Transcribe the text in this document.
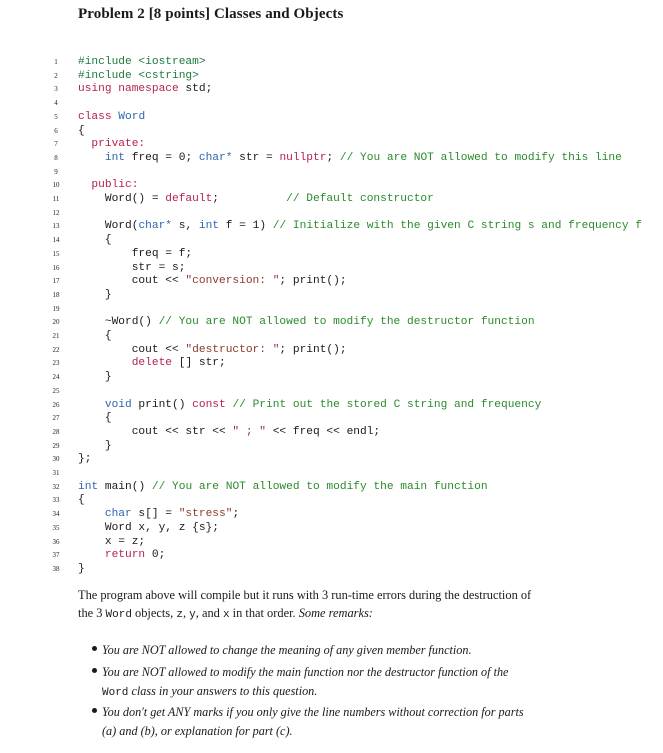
Problem 2 [8 points] Classes and Objects
1	#include <iostream>
2	#include <cstring>
3	using namespace std;
4
5	class Word
6	{
7	private:
8	int freq = 0; char* str = nullptr; // You are NOT allowed to modify this line
9
10 public:
11 Word() = default;          // Default constructor
12
13 Word(char* s, int f = 1) // Initialize with the given C string s and frequency f
14 {
15 freq = f;
16 str = s;
17 cout << "conversion: "; print();
18 }
19
20 ~Word() // You are NOT allowed to modify the destructor function
21 {
22 cout << "destructor: "; print();
23	delete [] str;
24 }
25
26	void print() const // Print out the stored C string and frequency
27 {
28 cout << str << " ; " << freq << endl;
29 }
30 };
31
32 int main() // You are NOT allowed to modify the main function
33 {
34	char s[] = "stress";
35 Word x, y, z {s};
36 x = z;
37	return 0;
38 }
The program above will compile but it runs with 3 run-time errors during the destruction of
the 3 Word objects, z, y, and x in that order. Some remarks:
You are NOT allowed to change the meaning of any given member function.
You are NOT allowed to modify the main function nor the destructor function of the
Word class in your answers to this question.
You don't get ANY marks if you only give the line numbers without correction for parts
(a) and (b), or explanation for part (c).
